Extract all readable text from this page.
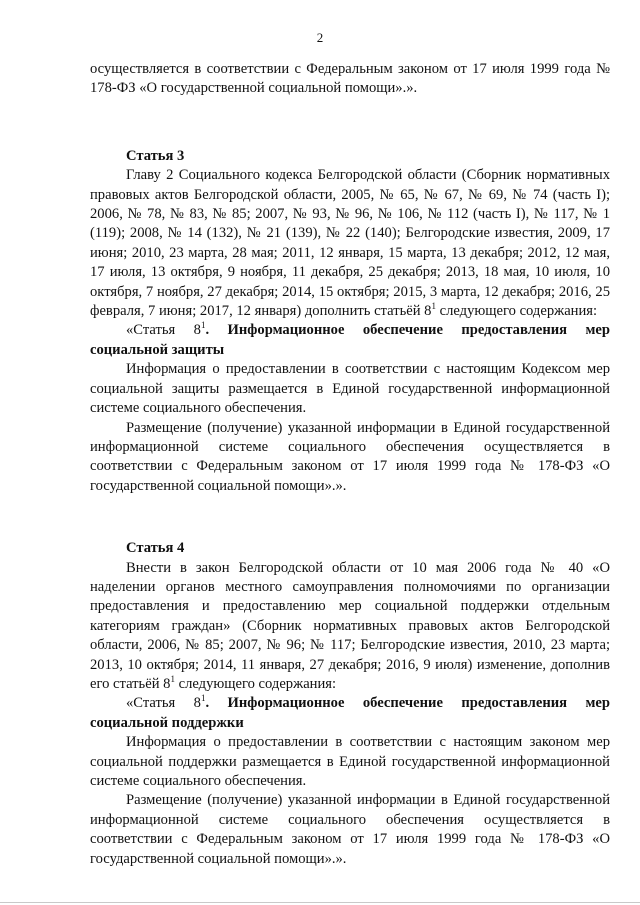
2

осуществляется в соответствии с Федеральным законом от 17 июля 1999 года № 178-ФЗ «О государственной социальной помощи».».

Статья 3

Главу 2 Социального кодекса Белгородской области (Сборник нормативных правовых актов Белгородской области, 2005, № 65, № 67, № 69, № 74 (часть I); 2006, № 78, № 83, № 85; 2007, № 93, № 96, № 106, № 112 (часть I), № 117, № 1 (119); 2008, № 14 (132), № 21 (139), № 22 (140); Белгородские известия, 2009, 17 июня; 2010, 23 марта, 28 мая; 2011, 12 января, 15 марта, 13 декабря; 2012, 12 мая, 17 июля, 13 октября, 9 ноября, 11 декабря, 25 декабря; 2013, 18 мая, 10 июля, 10 октября, 7 ноября, 27 декабря; 2014, 15 октября; 2015, 3 марта, 12 декабря; 2016, 25 февраля, 7 июня; 2017, 12 января) дополнить статьёй $8^1$ следующего содержания:

«Статья $8^1$. Информационное обеспечение предоставления мер социальной защиты

Информация о предоставлении в соответствии с настоящим Кодексом мер социальной защиты размещается в Единой государственной информационной системе социального обеспечения.

Размещение (получение) указанной информации в Единой государственной информационной системе социального обеспечения осуществляется в соответствии с Федеральным законом от 17 июля 1999 года № 178-ФЗ «О государственной социальной помощи».».

Статья 4

Внести в закон Белгородской области от 10 мая 2006 года № 40 «О наделении органов местного самоуправления полномочиями по организации предоставления и предоставлению мер социальной поддержки отдельным категориям граждан» (Сборник нормативных правовых актов Белгородской области, 2006, № 85; 2007, № 96; № 117; Белгородские известия, 2010, 23 марта; 2013, 10 октября; 2014, 11 января, 27 декабря; 2016, 9 июля) изменение, дополнив его статьёй $8^1$ следующего содержания:

«Статья $8^1$. Информационное обеспечение предоставления мер социальной поддержки

Информация о предоставлении в соответствии с настоящим законом мер социальной поддержки размещается в Единой государственной информационной системе социального обеспечения.

Размещение (получение) указанной информации в Единой государственной информационной системе социального обеспечения осуществляется в соответствии с Федеральным законом от 17 июля 1999 года № 178-ФЗ «О государственной социальной помощи».».
